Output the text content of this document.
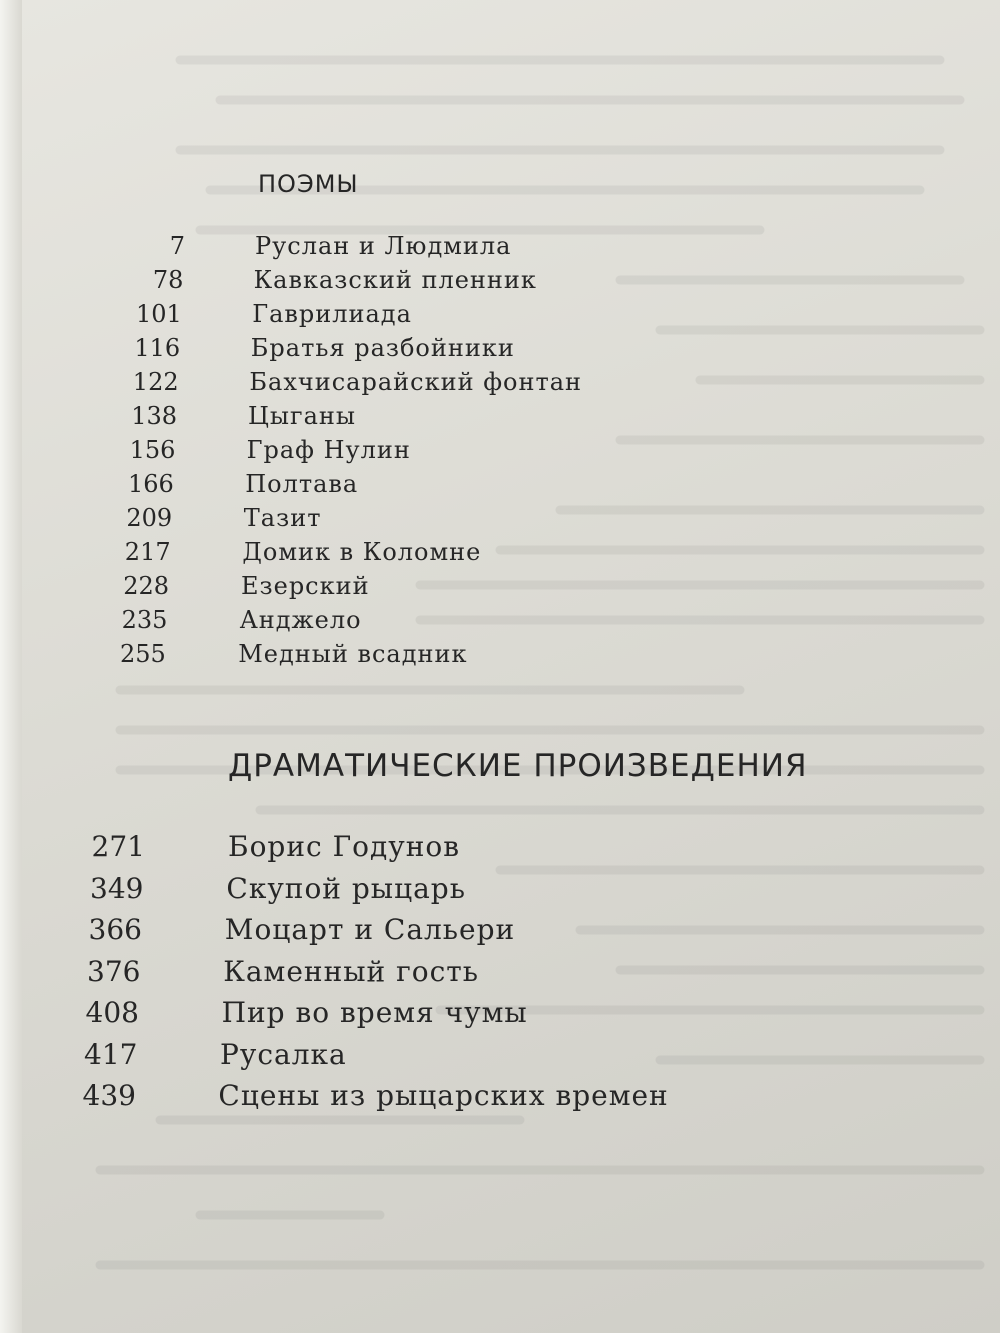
ПОЭМЫ
7	Руслан и Людмила
78	Кавказский пленник
101	Гаврилиада
116	Братья разбойники
122	Бахчисарайский фонтан
138	Цыганы
156	Граф Нулин
166	Полтава
209	Тазит
217	Домик в Коломне
228	Езерский
235	Анджело
255	Медный всадник
ДРАМАТИЧЕСКИЕ ПРОИЗВЕДЕНИЯ
271	Борис Годунов
349	Скупой рыцарь
366	Моцарт и Сальери
376	Каменный гость
408	Пир во время чумы
417	Русалка
439	Сцены из рыцарских времен
